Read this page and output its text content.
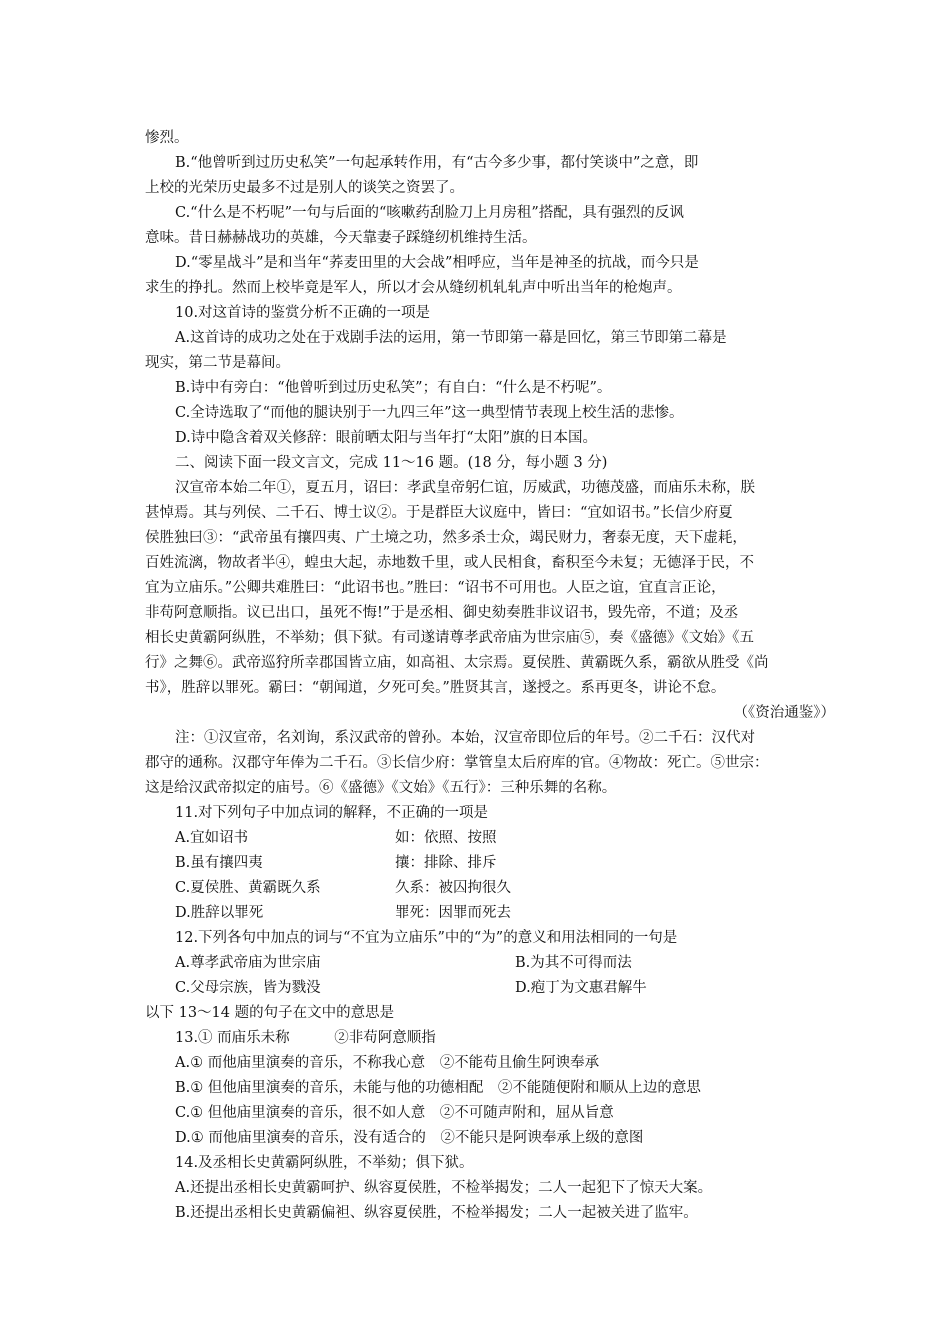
惨烈。
B.“他曾听到过历史私笑”一句起承转作用，有“古今多少事，都付笑谈中”之意，即
上校的光荣历史最多不过是别人的谈笑之资罢了。
C.“什么是不朽呢”一句与后面的“咳嗽药刮脸刀上月房租”搭配，具有强烈的反讽
意味。昔日赫赫战功的英雄，今天靠妻子踩缝纫机维持生活。
D.“零星战斗”是和当年“荞麦田里的大会战”相呼应，当年是神圣的抗战，而今只是
求生的挣扎。然而上校毕竟是军人，所以才会从缝纫机轧轧声中听出当年的枪炮声。
10.对这首诗的鉴赏分析不正确的一项是
A.这首诗的成功之处在于戏剧手法的运用，第一节即第一幕是回忆，第三节即第二幕是
现实，第二节是幕间。
B.诗中有旁白：“他曾听到过历史私笑”；有自白：“什么是不朽呢”。
C.全诗选取了“而他的腿诀别于一九四三年”这一典型情节表现上校生活的悲惨。
D.诗中隐含着双关修辞：眼前晒太阳与当年打“太阳”旗的日本国。
二、阅读下面一段文言文，完成 11～16 题。(18 分，每小题 3 分)
汉宣帝本始二年①，夏五月，诏曰：孝武皇帝躬仁谊，厉威武，功德茂盛，而庙乐未称，朕
甚悼焉。其与列侯、二千石、博士议②。于是群臣大议庭中，皆曰：“宜如诏书。”长信少府夏
侯胜独曰③：“武帝虽有攘四夷、广土境之功，然多杀士众，竭民财力，奢泰无度，天下虚耗，
百姓流漓，物故者半④，蝗虫大起，赤地数千里，或人民相食，畜积至今未复；无德泽于民，不
宜为立庙乐。”公卿共难胜曰：“此诏书也。”胜曰：“诏书不可用也。人臣之谊，宜直言正论，
非苟阿意顺指。议已出口，虽死不悔!”于是丞相、御史劾奏胜非议诏书，毁先帝，不道；及丞
相长史黄霸阿纵胜，不举劾；俱下狱。有司遂请尊孝武帝庙为世宗庙⑤，奏《盛德》《文始》《五
行》之舞⑥。武帝巡狩所幸郡国皆立庙，如高祖、太宗焉。夏侯胜、黄霸既久系，霸欲从胜受《尚
书》，胜辞以罪死。霸曰：“朝闻道，夕死可矣。”胜贤其言，遂授之。系再更冬，讲论不怠。
（《资治通鉴》）
注：①汉宣帝，名刘询，系汉武帝的曾孙。本始，汉宣帝即位后的年号。②二千石：汉代对
郡守的通称。汉郡守年俸为二千石。③长信少府：掌管皇太后府库的官。④物故：死亡。⑤世宗：
这是给汉武帝拟定的庙号。⑥《盛德》《文始》《五行》：三种乐舞的名称。
11.对下列句子中加点词的解释，不正确的一项是
A.宜如诏书	如：依照、按照
B.虽有攘四夷	攘：排除、排斥
C.夏侯胜、黄霸既久系	久系：被囚拘很久
D.胜辞以罪死	罪死：因罪而死去
12.下列各句中加点的词与“不宜为立庙乐”中的“为”的意义和用法相同的一句是
A.尊孝武帝庙为世宗庙	B.为其不可得而法
C.父母宗族，皆为戮没	D.疱丁为文惠君解牛
以下 13～14 题的句子在文中的意思是
13.① 而庙乐未称	②非苟阿意顺指
A.① 而他庙里演奏的音乐，不称我心意　 ②不能苟且偷生阿谀奉承
B.① 但他庙里演奏的音乐，未能与他的功德相配　 ②不能随便附和顺从上边的意思
C.① 但他庙里演奏的音乐，很不如人意　 ②不可随声附和，屈从旨意
D.① 而他庙里演奏的音乐，没有适合的　 ②不能只是阿谀奉承上级的意图
14.及丞相长史黄霸阿纵胜，不举劾；俱下狱。
A.还提出丞相长史黄霸呵护、纵容夏侯胜，不检举揭发；二人一起犯下了惊天大案。
B.还提出丞相长史黄霸偏袒、纵容夏侯胜，不检举揭发；二人一起被关进了监牢。
